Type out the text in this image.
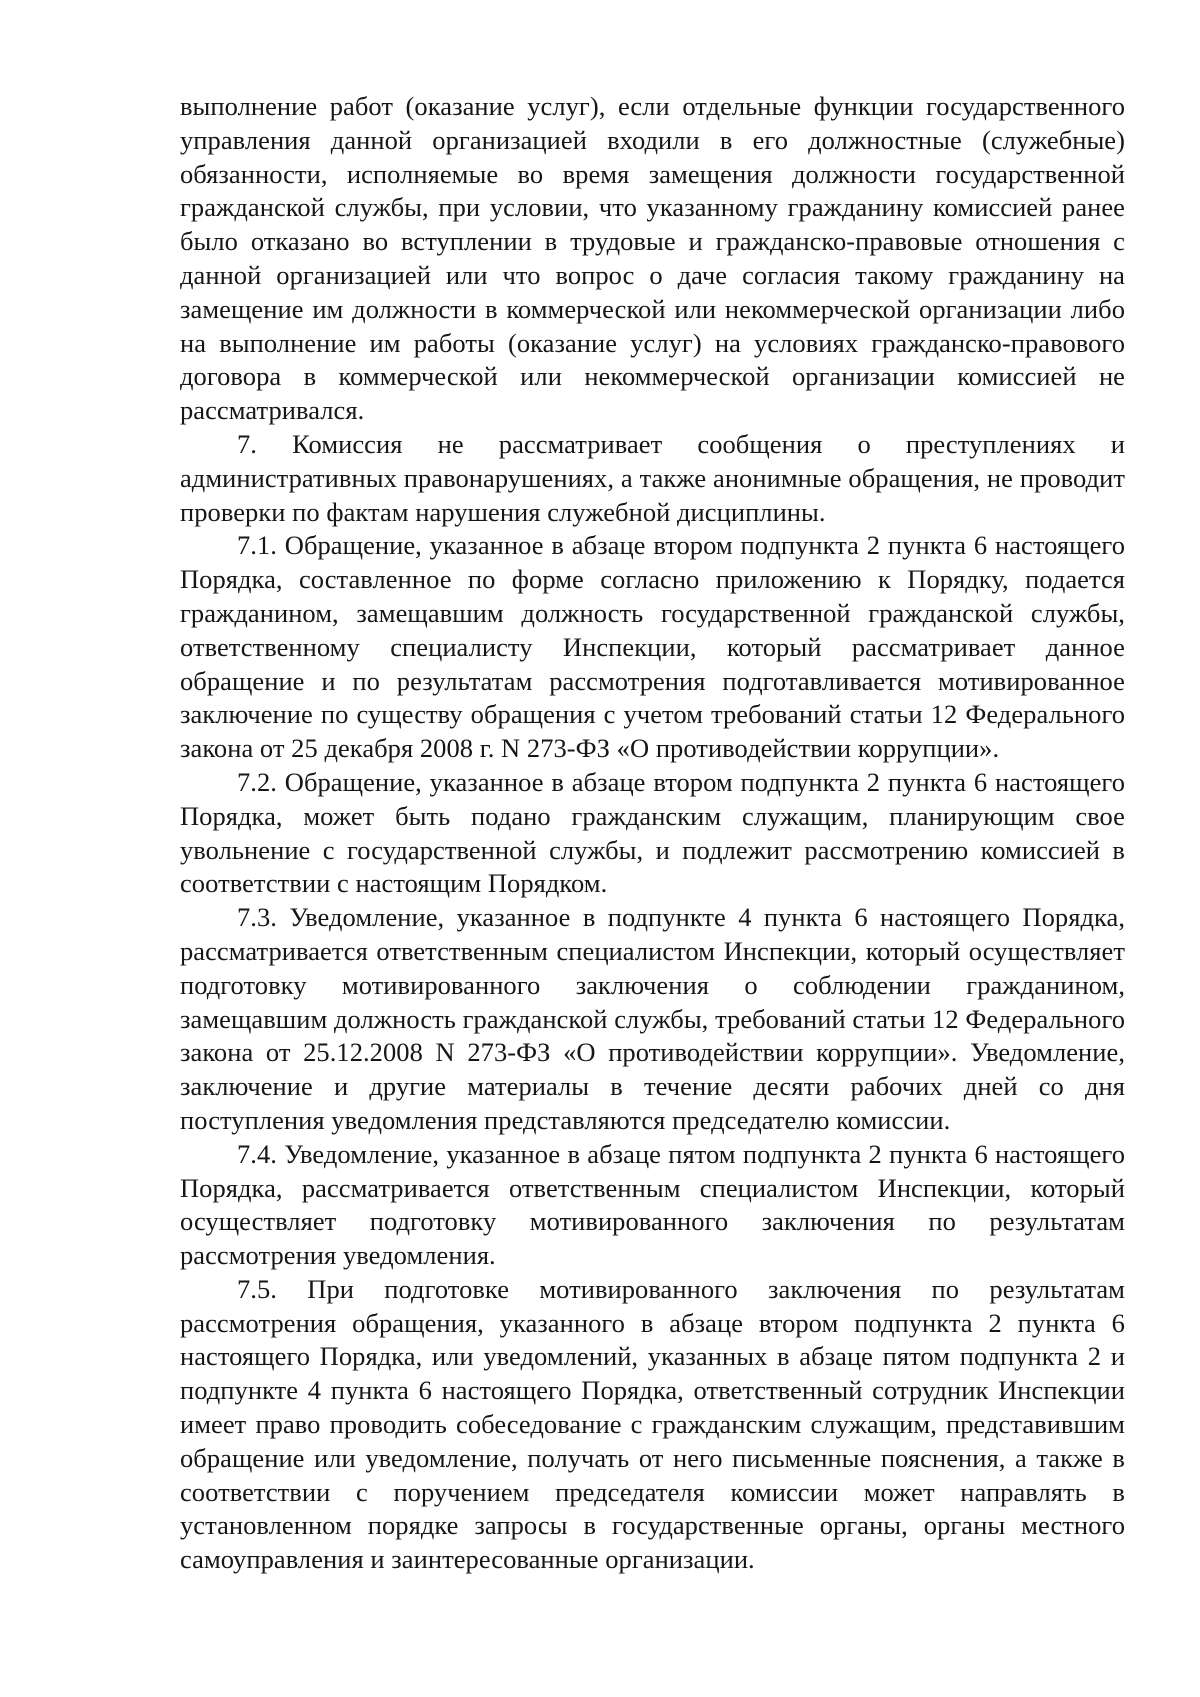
выполнение работ (оказание услуг), если отдельные функции государственного управления данной организацией входили в его должностные (служебные) обязанности, исполняемые во время замещения должности государственной гражданской службы, при условии, что указанному гражданину комиссией ранее было отказано во вступлении в трудовые и гражданско-правовые отношения с данной организацией или что вопрос о даче согласия такому гражданину на замещение им должности в коммерческой или некоммерческой организации либо на выполнение им работы (оказание услуг) на условиях гражданско-правового договора в коммерческой или некоммерческой организации комиссией не рассматривался.

7. Комиссия не рассматривает сообщения о преступлениях и административных правонарушениях, а также анонимные обращения, не проводит проверки по фактам нарушения служебной дисциплины.

7.1. Обращение, указанное в абзаце втором подпункта 2 пункта 6 настоящего Порядка, составленное по форме согласно приложению к Порядку, подается гражданином, замещавшим должность государственной гражданской службы, ответственному специалисту Инспекции, который рассматривает данное обращение и по результатам рассмотрения подготавливается мотивированное заключение по существу обращения с учетом требований статьи 12 Федерального закона от 25 декабря 2008 г. N 273-ФЗ «О противодействии коррупции».

7.2. Обращение, указанное в абзаце втором подпункта 2 пункта 6 настоящего Порядка, может быть подано гражданским служащим, планирующим свое увольнение с государственной службы, и подлежит рассмотрению комиссией в соответствии с настоящим Порядком.

7.3. Уведомление, указанное в подпункте 4 пункта 6 настоящего Порядка, рассматривается ответственным специалистом Инспекции, который осуществляет подготовку мотивированного заключения о соблюдении гражданином, замещавшим должность гражданской службы, требований статьи 12 Федерального закона от 25.12.2008 N 273-ФЗ «О противодействии коррупции». Уведомление, заключение и другие материалы в течение десяти рабочих дней со дня поступления уведомления представляются председателю комиссии.

7.4. Уведомление, указанное в абзаце пятом подпункта 2 пункта 6 настоящего Порядка, рассматривается ответственным специалистом Инспекции, который осуществляет подготовку мотивированного заключения по результатам рассмотрения уведомления.

7.5. При подготовке мотивированного заключения по результатам рассмотрения обращения, указанного в абзаце втором подпункта 2 пункта 6 настоящего Порядка, или уведомлений, указанных в абзаце пятом подпункта 2 и подпункте 4 пункта 6 настоящего Порядка, ответственный сотрудник Инспекции имеет право проводить собеседование с гражданским служащим, представившим обращение или уведомление, получать от него письменные пояснения, а также в соответствии с поручением председателя комиссии может направлять в установленном порядке запросы в государственные органы, органы местного самоуправления и заинтересованные организации.
